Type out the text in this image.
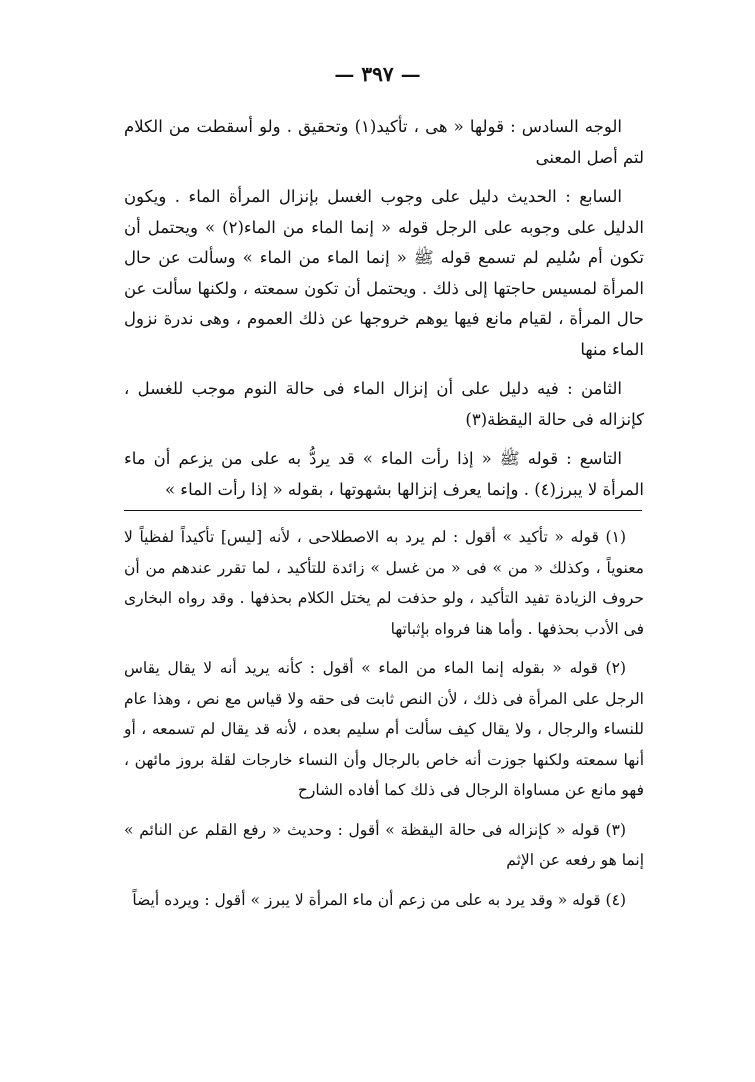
— ٣٩٧ —

الوجه السادس : قولها « هى ، تأكيد(١) وتحقيق . ولو أسقطت من الكلام لتم أصل المعنى

السابع : الحديث دليل على وجوب الغسل بإنزال المرأة الماء . ويكون الدليل على وجوبه على الرجل قوله « إنما الماء من الماء(٢) » ويحتمل أن تكون أم سُليم لم تسمع قوله ﷺ « إنما الماء من الماء » وسألت عن حال المرأة لمسيس حاجتها إلى ذلك . ويحتمل أن تكون سمعته ، ولكنها سألت عن حال المرأة ، لقيام مانع فيها يوهم خروجها عن ذلك العموم ، وهى ندرة نزول الماء منها

الثامن : فيه دليل على أن إنزال الماء فى حالة النوم موجب للغسل ، كإنزاله فى حالة اليقظة(٣)

التاسع : قوله ﷺ « إذا رأت الماء » قد يردُّ به على من يزعم أن ماء المرأة لا يبرز(٤) . وإنما يعرف إنزالها بشهوتها ، بقوله « إذا رأت الماء »

(١) قوله « تأكيد » أقول : لم يرد به الاصطلاحى ، لأنه [ليس] تأكيداً لفظياً لا معنوياً ، وكذلك « من » فى « من غسل » زائدة للتأكيد ، لما تقرر عندهم من أن حروف الزيادة تفيد التأكيد ، ولو حذفت لم يختل الكلام بحذفها . وقد رواه البخارى فى الأدب بحذفها . وأما هنا فرواه بإثباتها

(٢) قوله « بقوله إنما الماء من الماء » أقول : كأنه يريد أنه لا يقال يقاس الرجل على المرأة فى ذلك ، لأن النص ثابت فى حقه ولا قياس مع نص ، وهذا عام للنساء والرجال ، ولا يقال كيف سألت أم سليم بعده ، لأنه قد يقال لم تسمعه ، أو أنها سمعته ولكنها جوزت أنه خاص بالرجال وأن النساء خارجات لقلة بروز مائهن ، فهو مانع عن مساواة الرجال فى ذلك كما أفاده الشارح

(٣) قوله « كإنزاله فى حالة اليقظة » أقول : وحديث « رفع القلم عن النائم » إنما هو رفعه عن الإثم

(٤) قوله « وقد يرد به على من زعم أن ماء المرأة لا يبرز » أقول : ويرده أيضاً
